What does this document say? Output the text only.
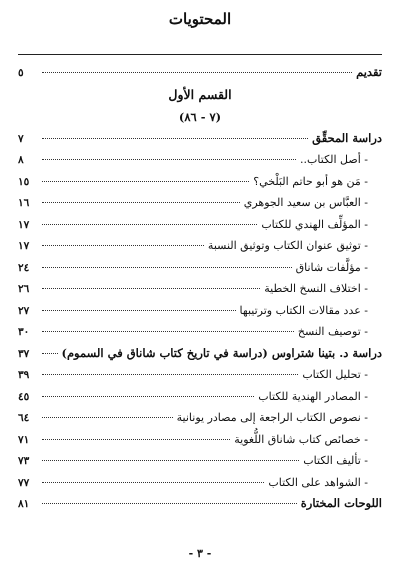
المحتويات
تقديم
٥
القسم الأول
(٧ - ٨٦)
دراسة المحقِّق
٧
- أصل الكتاب..
٨
- مَن هو أبو حاتم البَلْخي؟
١٥
- العبَّاس بن سعيد الجوهري
١٦
- المؤلِّف الهندي للكتاب
١٧
- توثيق عنوان الكتاب وتوثيق النسبة
١٧
- مؤلَّفات شاناق
٢٤
- اختلاف النسخ الخطية
٢٦
- عدد مقالات الكتاب وترتيبها
٢٧
- توصيف النسخ
٣٠
دراسة د. بتينا شتراوس (دراسة في تاريخ كتاب شاناق في السموم)
٣٧
- تحليل الكتاب
٣٩
- المصادر الهندية للكتاب
٤٥
- نصوص الكتاب الراجعة إلى مصادر يونانية
٦٤
- خصائص كتاب شاناق اللُّغوية
٧١
- تأليف الكتاب
٧٣
- الشواهد على الكتاب
٧٧
اللوحات المختارة
٨١
- ٣ -
